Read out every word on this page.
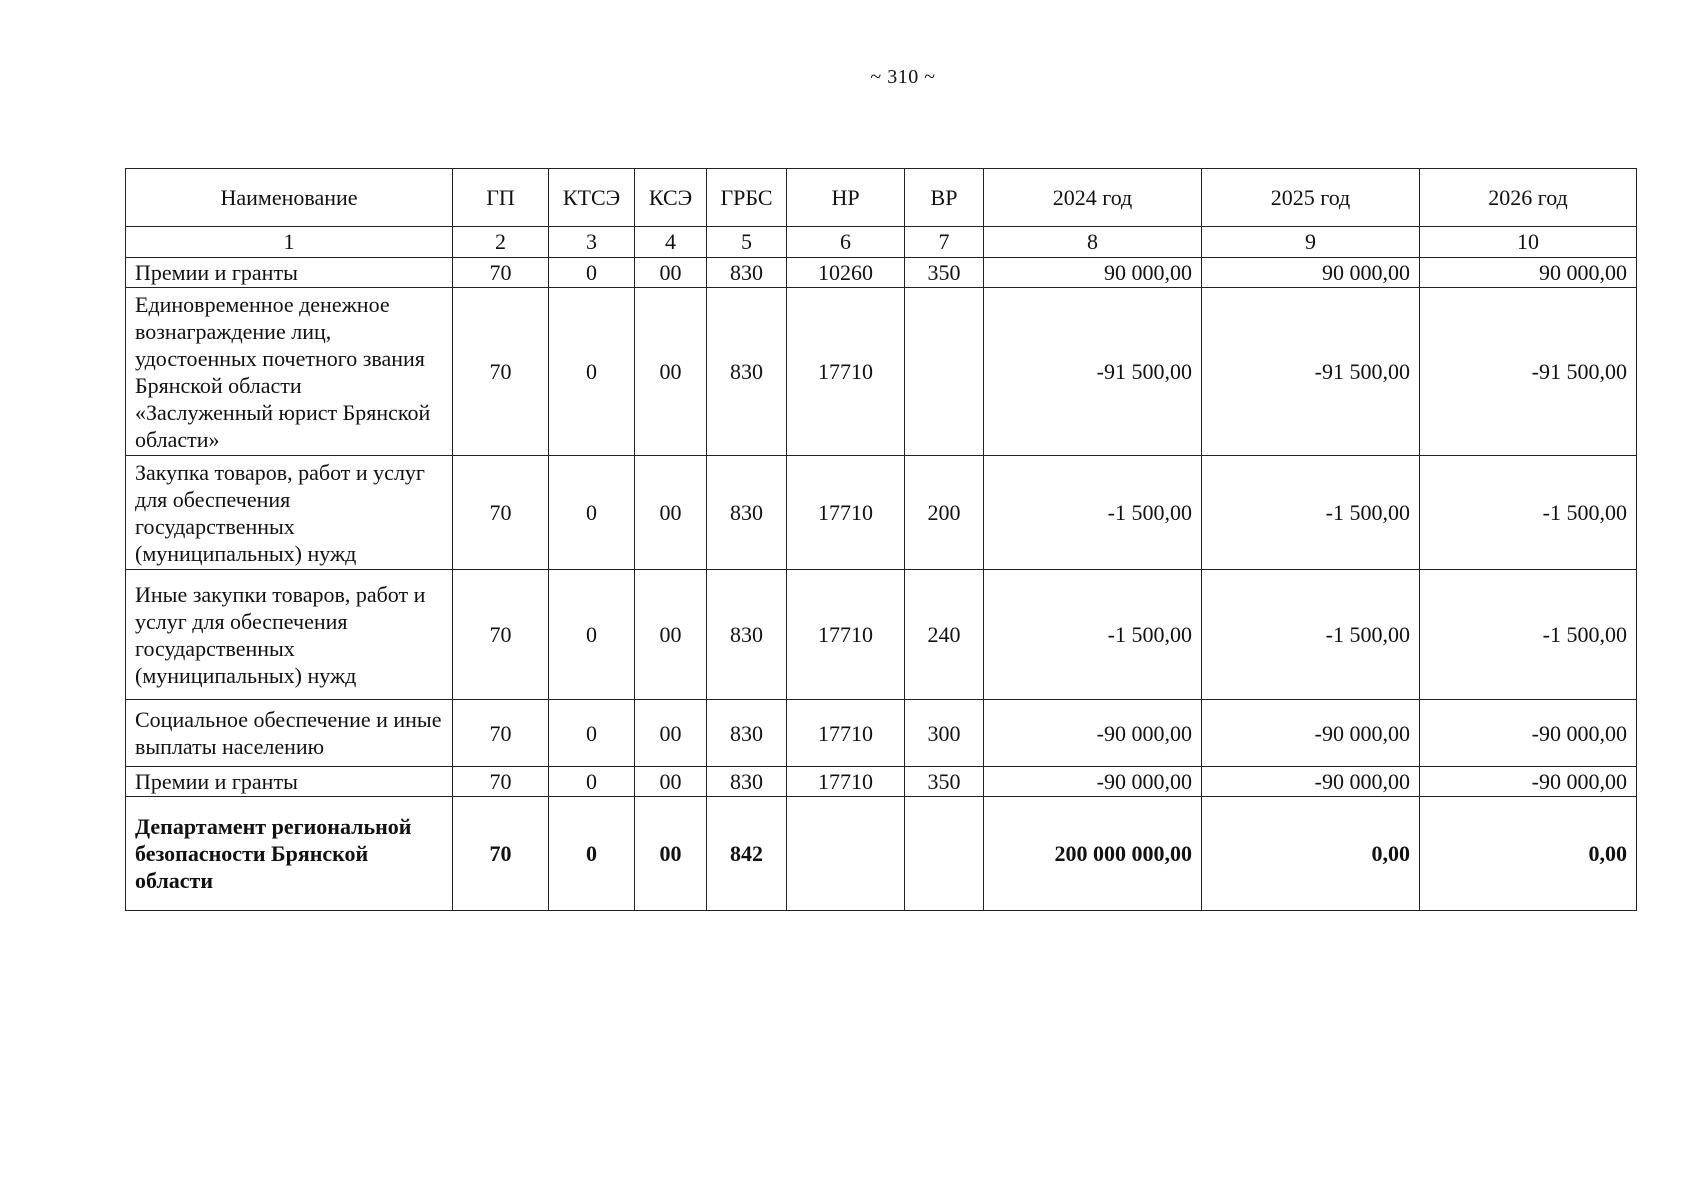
~ 310 ~
Наименование	ГП	КТСЭ	КСЭ	ГРБС	НР	ВР	2024 год	2025 год	2026 год
1	2	3	4	5	6	7	8	9	10
Премии и гранты	70	0	00	830	10260	350	90 000,00	90 000,00	90 000,00
Единовременное денежное вознаграждение лиц, удостоенных почетного звания Брянской области «Заслуженный юрист Брянской области»	70	0	00	830	17710		-91 500,00	-91 500,00	-91 500,00
Закупка товаров, работ и услуг для обеспечения государственных (муниципальных) нужд	70	0	00	830	17710	200	-1 500,00	-1 500,00	-1 500,00
Иные закупки товаров, работ и услуг для обеспечения государственных (муниципальных) нужд	70	0	00	830	17710	240	-1 500,00	-1 500,00	-1 500,00
Социальное обеспечение и иные выплаты населению	70	0	00	830	17710	300	-90 000,00	-90 000,00	-90 000,00
Премии и гранты	70	0	00	830	17710	350	-90 000,00	-90 000,00	-90 000,00
Департамент региональной безопасности Брянской области	70	0	00	842			200 000 000,00	0,00	0,00
